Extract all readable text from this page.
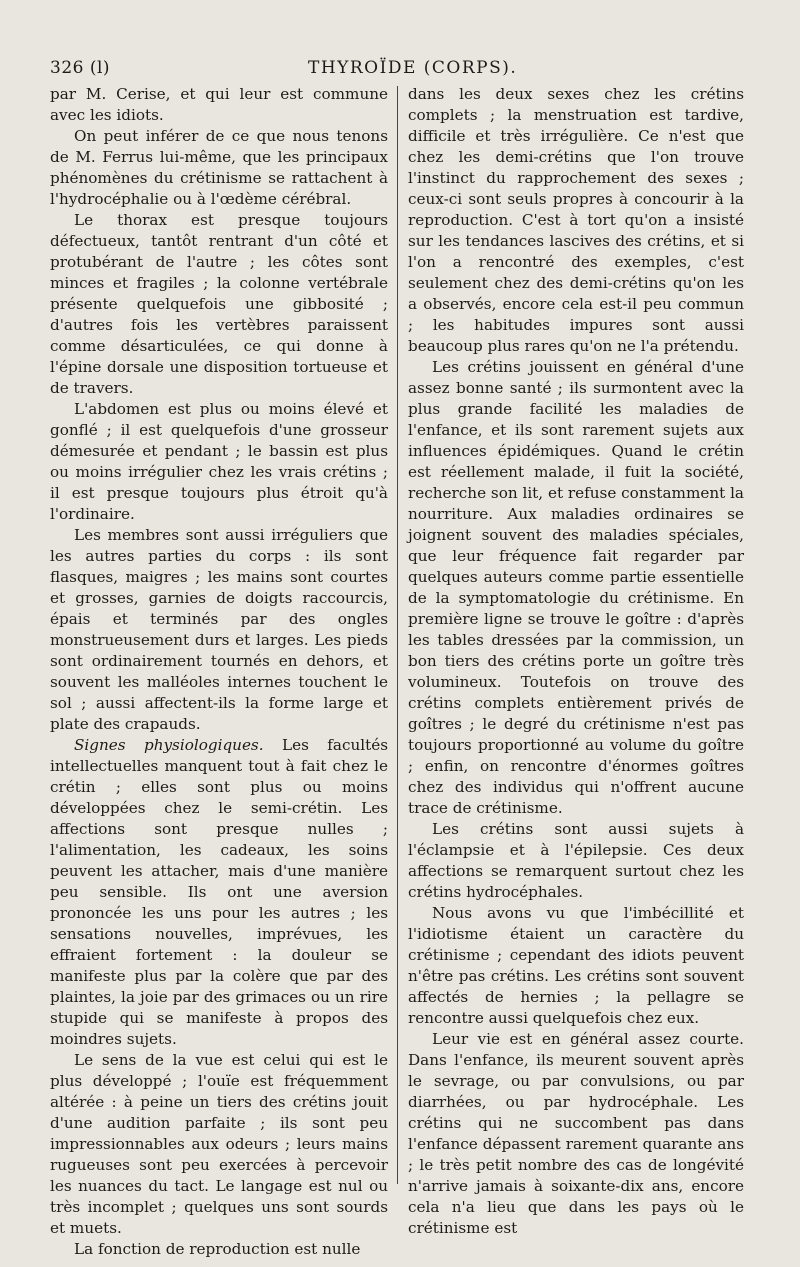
326 (l)	THYROÏDE (CORPS).

par M. Cerise, et qui leur est commune avec les idiots.

On peut inférer de ce que nous tenons de M. Ferrus lui-même, que les principaux phénomènes du crétinisme se rattachent à l'hydrocéphalie ou à l'œdème cérébral.

Le thorax est presque toujours défectueux, tantôt rentrant d'un côté et protubérant de l'autre ; les côtes sont minces et fragiles ; la colonne vertébrale présente quelquefois une gibbosité ; d'autres fois les vertèbres paraissent comme désarticulées, ce qui donne à l'épine dorsale une disposition tortueuse et de travers.

L'abdomen est plus ou moins élevé et gonflé ; il est quelquefois d'une grosseur démesurée et pendant ; le bassin est plus ou moins irrégulier chez les vrais crétins ; il est presque toujours plus étroit qu'à l'ordinaire.

Les membres sont aussi irréguliers que les autres parties du corps : ils sont flasques, maigres ; les mains sont courtes et grosses, garnies de doigts raccourcis, épais et terminés par des ongles monstrueusement durs et larges. Les pieds sont ordinairement tournés en dehors, et souvent les malléoles internes touchent le sol ; aussi affectent-ils la forme large et plate des crapauds.

Signes physiologiques. Les facultés intellectuelles manquent tout à fait chez le crétin ; elles sont plus ou moins développées chez le semi-crétin. Les affections sont presque nulles ; l'alimentation, les cadeaux, les soins peuvent les attacher, mais d'une manière peu sensible. Ils ont une aversion prononcée les uns pour les autres ; les sensations nouvelles, imprévues, les effraient fortement : la douleur se manifeste plus par la colère que par des plaintes, la joie par des grimaces ou un rire stupide qui se manifeste à propos des moindres sujets.

Le sens de la vue est celui qui est le plus développé ; l'ouïe est fréquemment altérée : à peine un tiers des crétins jouit d'une audition parfaite ; ils sont peu impressionnables aux odeurs ; leurs mains rugueuses sont peu exercées à percevoir les nuances du tact. Le langage est nul ou très incomplet ; quelques uns sont sourds et muets.

La fonction de reproduction est nulle

dans les deux sexes chez les crétins complets ; la menstruation est tardive, difficile et très irrégulière. Ce n'est que chez les demi-crétins que l'on trouve l'instinct du rapprochement des sexes ; ceux-ci sont seuls propres à concourir à la reproduction. C'est à tort qu'on a insisté sur les tendances lascives des crétins, et si l'on a rencontré des exemples, c'est seulement chez des demi-crétins qu'on les a observés, encore cela est-il peu commun ; les habitudes impures sont aussi beaucoup plus rares qu'on ne l'a prétendu.

Les crétins jouissent en général d'une assez bonne santé ; ils surmontent avec la plus grande facilité les maladies de l'enfance, et ils sont rarement sujets aux influences épidémiques. Quand le crétin est réellement malade, il fuit la société, recherche son lit, et refuse constamment la nourriture. Aux maladies ordinaires se joignent souvent des maladies spéciales, que leur fréquence fait regarder par quelques auteurs comme partie essentielle de la symptomatologie du crétinisme. En première ligne se trouve le goître : d'après les tables dressées par la commission, un bon tiers des crétins porte un goître très volumineux. Toutefois on trouve des crétins complets entièrement privés de goîtres ; le degré du crétinisme n'est pas toujours proportionné au volume du goître ; enfin, on rencontre d'énormes goîtres chez des individus qui n'offrent aucune trace de crétinisme.

Les crétins sont aussi sujets à l'éclampsie et à l'épilepsie. Ces deux affections se remarquent surtout chez les crétins hydrocéphales.

Nous avons vu que l'imbécillité et l'idiotisme étaient un caractère du crétinisme ; cependant des idiots peuvent n'être pas crétins. Les crétins sont souvent affectés de hernies ; la pellagre se rencontre aussi quelquefois chez eux.

Leur vie est en général assez courte. Dans l'enfance, ils meurent souvent après le sevrage, ou par convulsions, ou par diarrhées, ou par hydrocéphale. Les crétins qui ne succombent pas dans l'enfance dépassent rarement quarante ans ; le très petit nombre des cas de longévité n'arrive jamais à soixante-dix ans, encore cela n'a lieu que dans les pays où le crétinisme est
